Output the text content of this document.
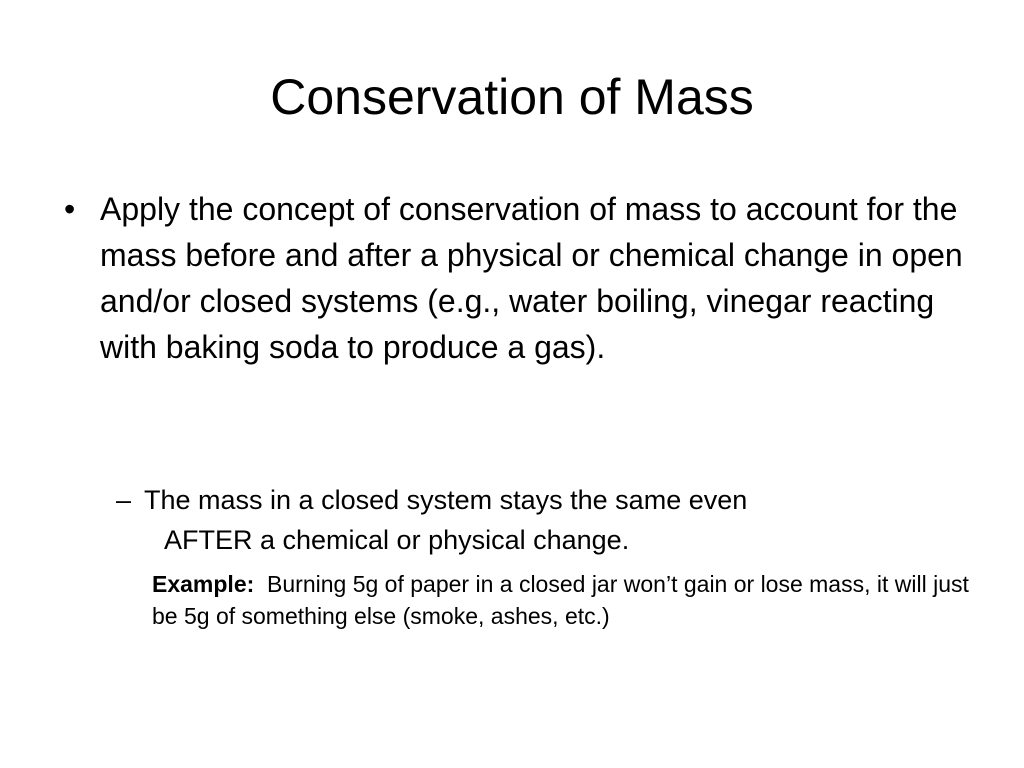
Conservation of Mass
• Apply the concept of conservation of mass to account for the mass before and after a physical or chemical change in open and/or closed systems (e.g., water boiling, vinegar reacting with baking soda to produce a gas).
– The mass in a closed system stays the same even
AFTER a chemical or physical change.
Example: Burning 5g of paper in a closed jar won’t gain or lose mass, it will just be 5g of something else (smoke, ashes, etc.)
